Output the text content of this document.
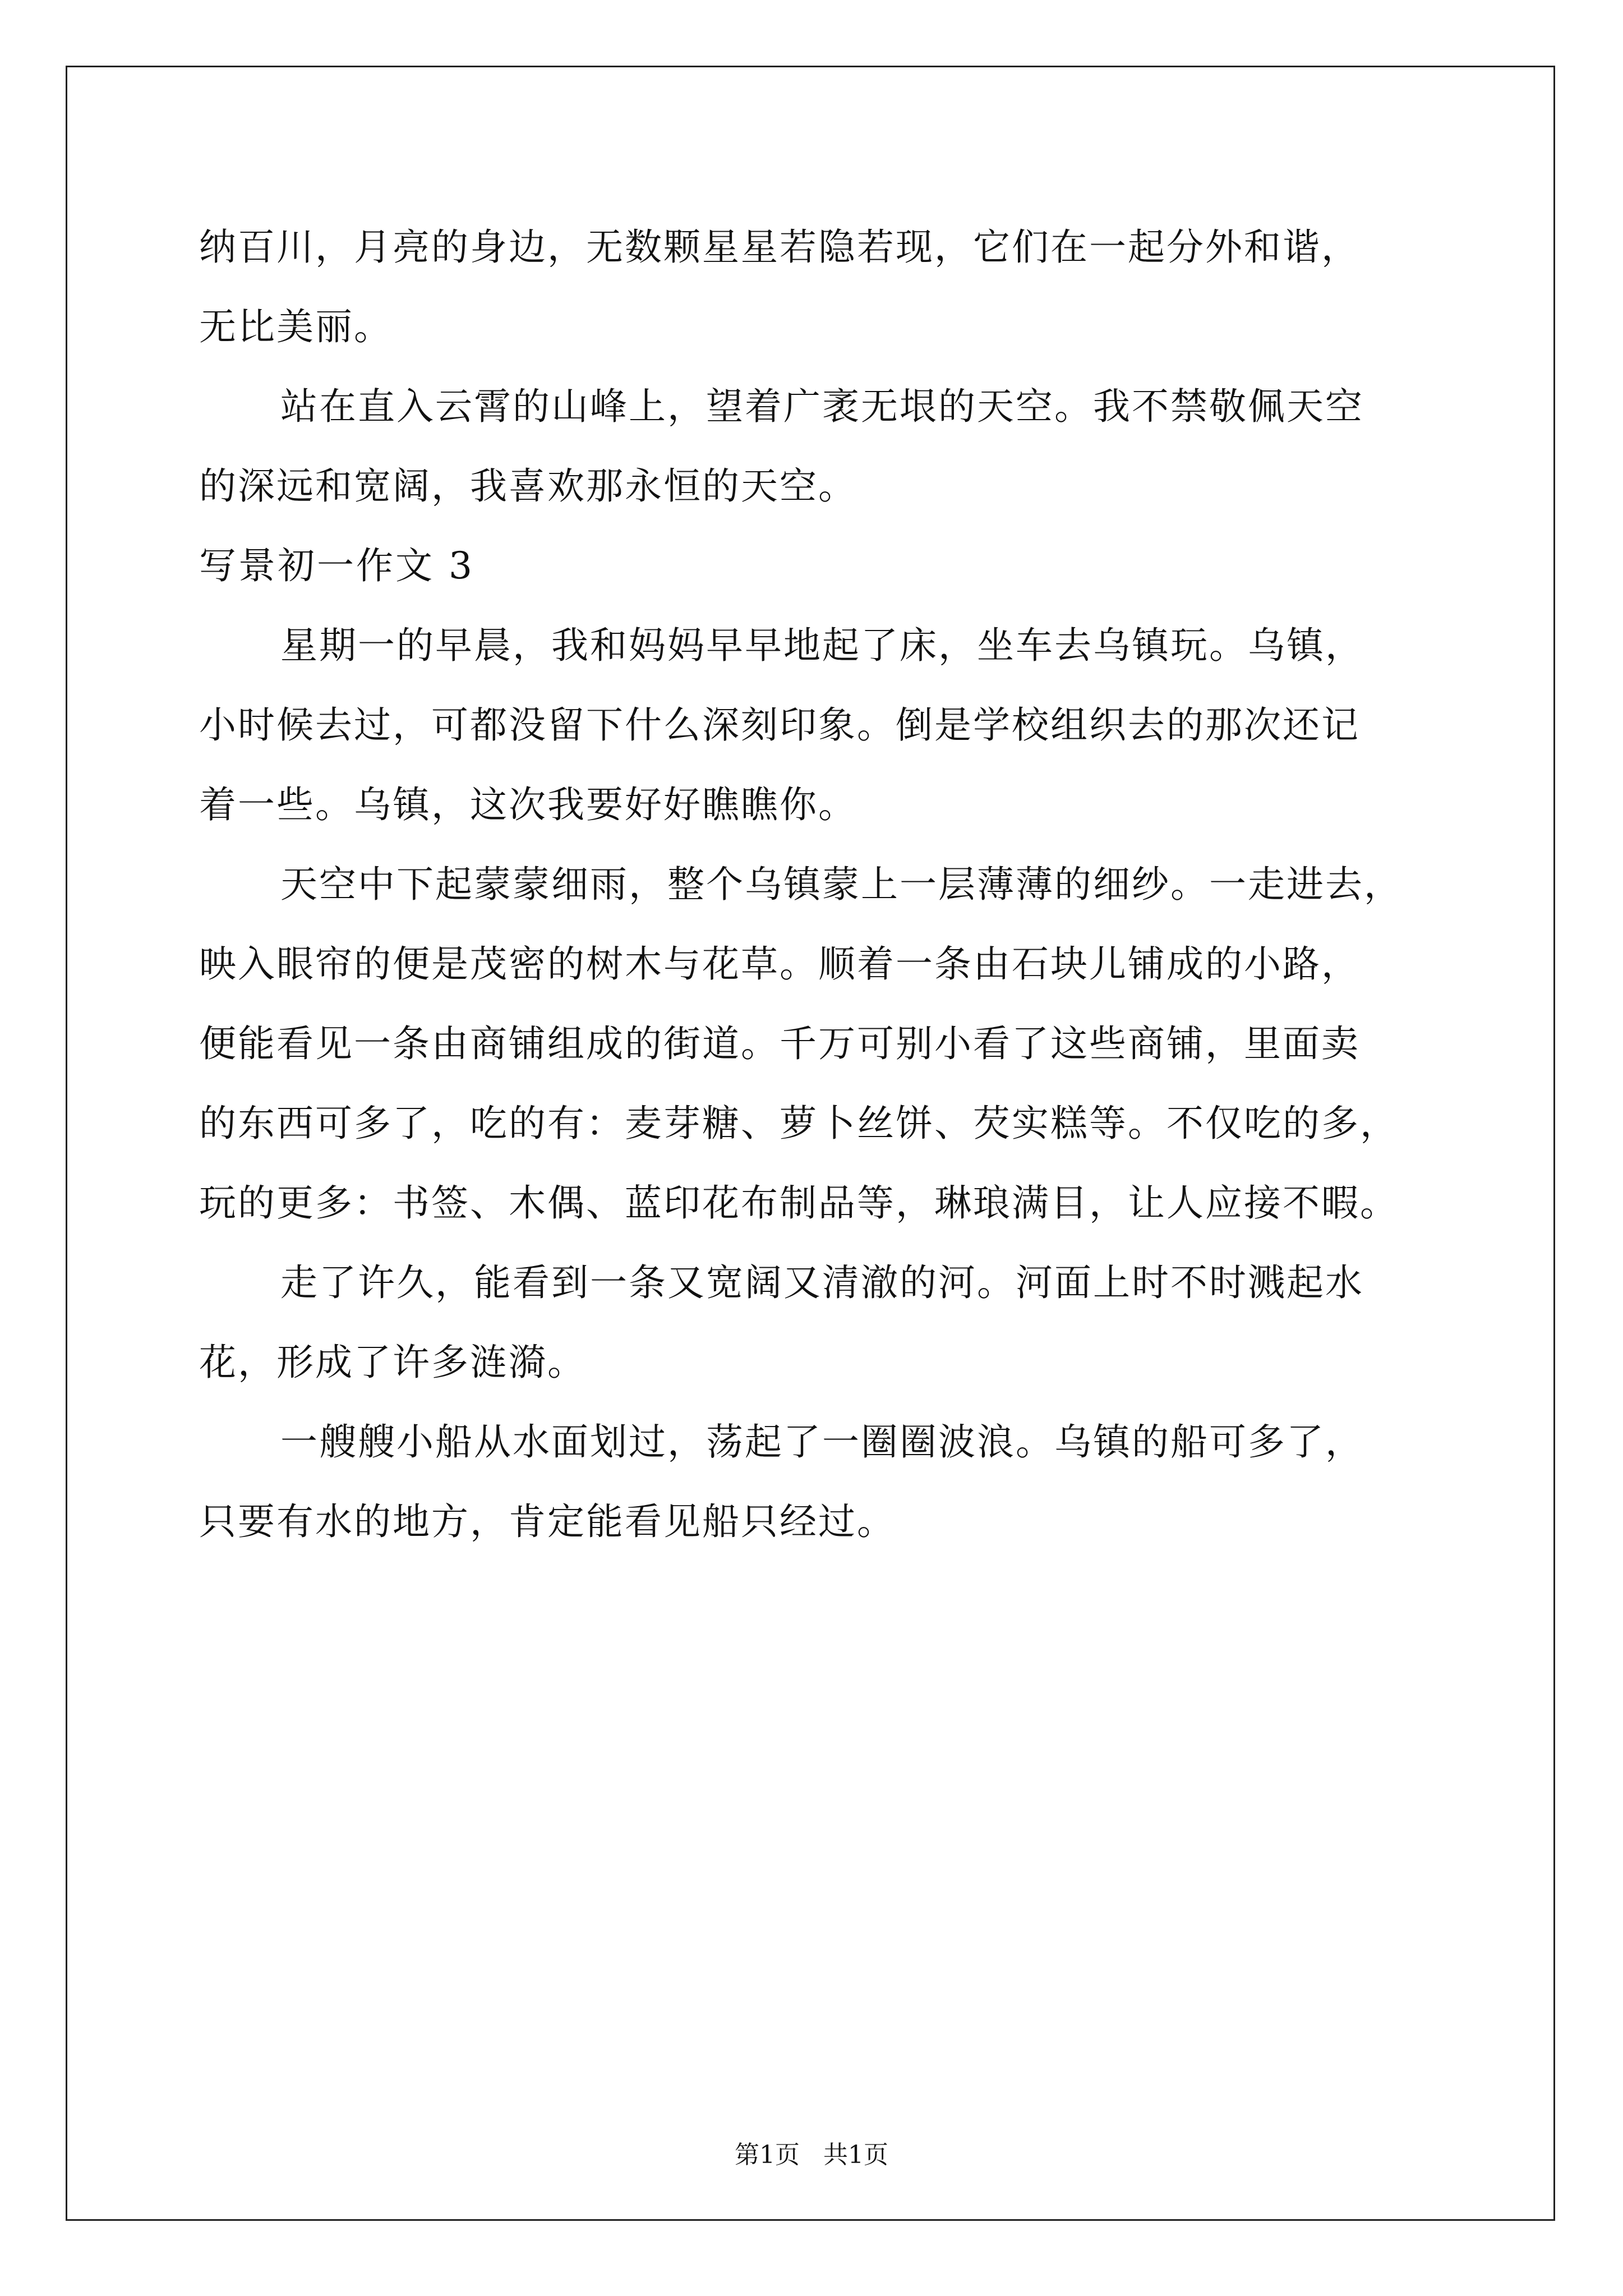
纳百川，月亮的身边，无数颗星星若隐若现，它们在一起分外和谐，
无比美丽。
站在直入云霄的山峰上，望着广袤无垠的天空。我不禁敬佩天空
的深远和宽阔，我喜欢那永恒的天空。
写景初一作文 3
星期一的早晨，我和妈妈早早地起了床，坐车去乌镇玩。乌镇，
小时候去过，可都没留下什么深刻印象。倒是学校组织去的那次还记
着一些。乌镇，这次我要好好瞧瞧你。
天空中下起蒙蒙细雨，整个乌镇蒙上一层薄薄的细纱。一走进去，
映入眼帘的便是茂密的树木与花草。顺着一条由石块儿铺成的小路，
便能看见一条由商铺组成的街道。千万可别小看了这些商铺，里面卖
的东西可多了，吃的有：麦芽糖、萝卜丝饼、芡实糕等。不仅吃的多，
玩的更多：书签、木偶、蓝印花布制品等，琳琅满目，让人应接不暇。
走了许久，能看到一条又宽阔又清澈的河。河面上时不时溅起水
花，形成了许多涟漪。
一艘艘小船从水面划过，荡起了一圈圈波浪。乌镇的船可多了，
只要有水的地方，肯定能看见船只经过。
第1页   共1页
